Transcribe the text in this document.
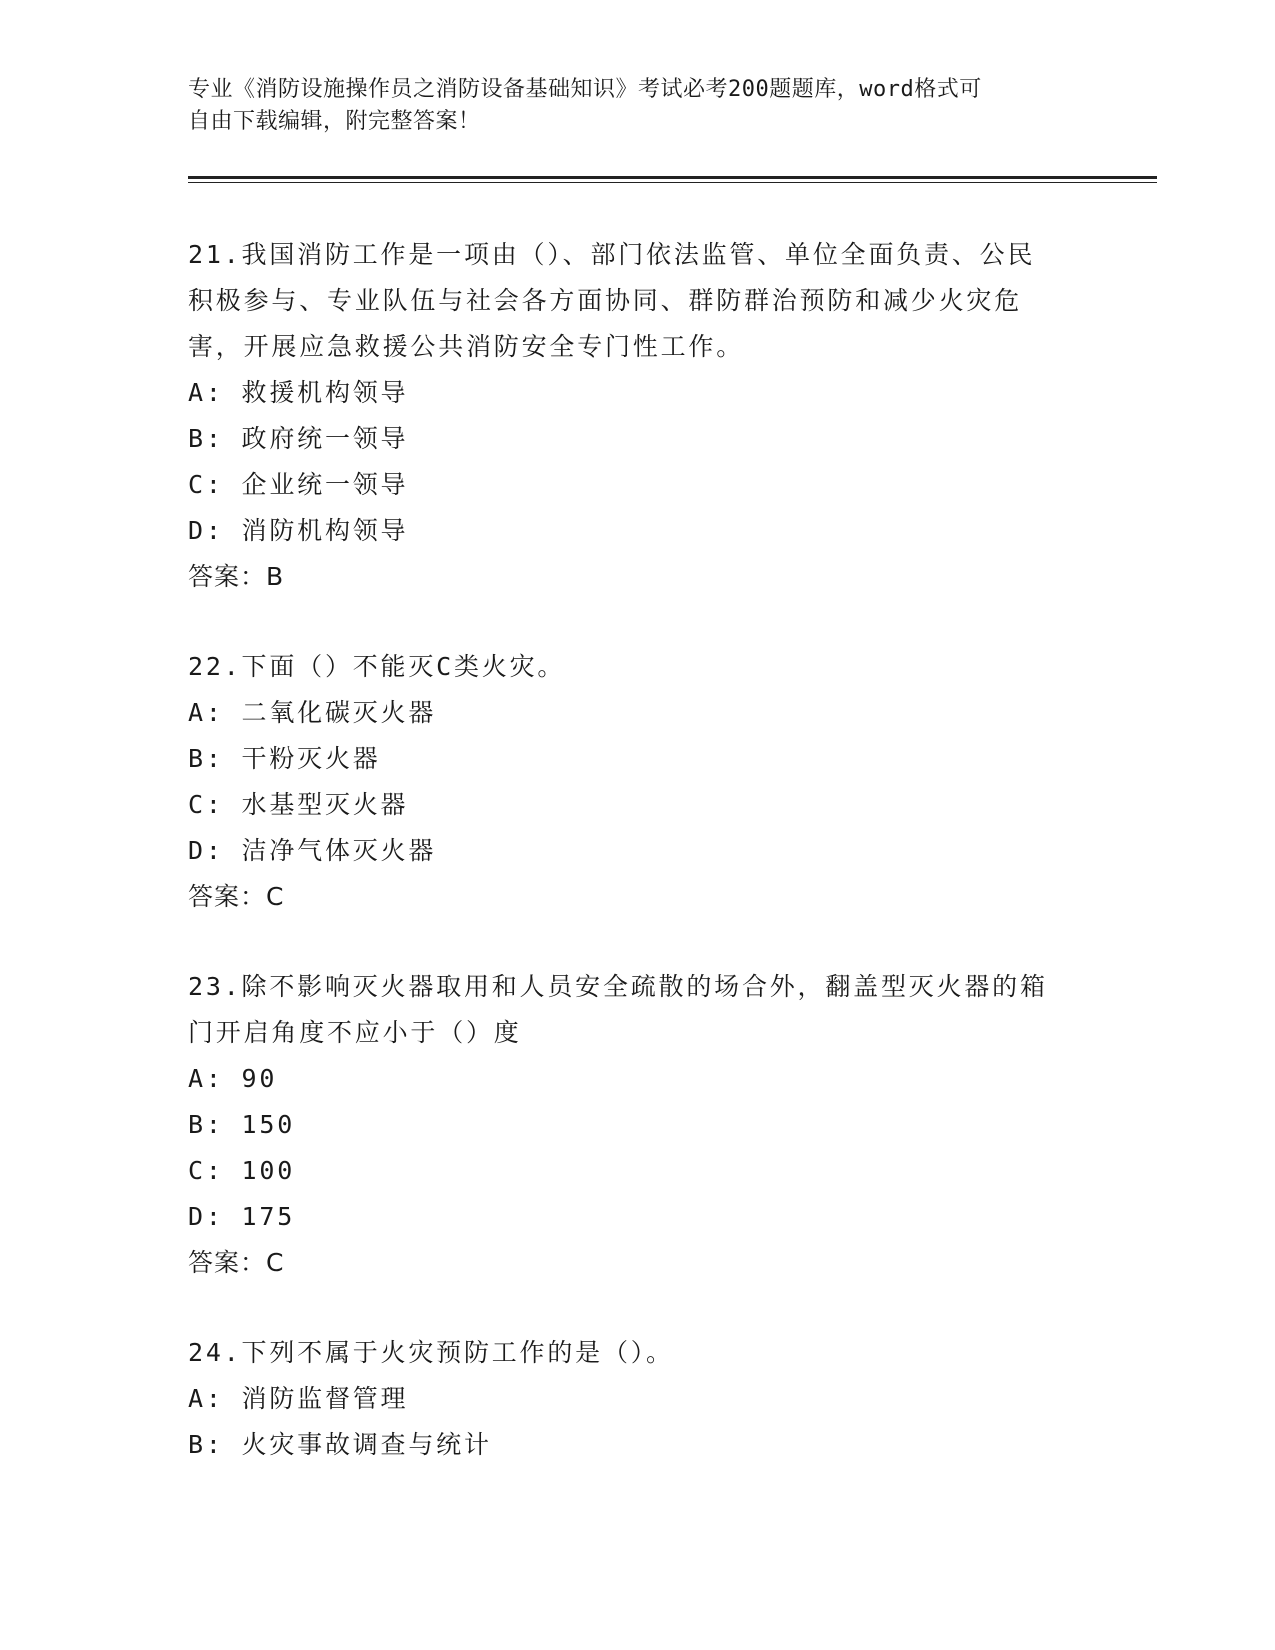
专业《消防设施操作员之消防设备基础知识》考试必考200题题库，word格式可
自由下载编辑，附完整答案！
21.我国消防工作是一项由（）、部门依法监管、单位全面负责、公民
积极参与、专业队伍与社会各方面协同、群防群治预防和减少火灾危
害，开展应急救援公共消防安全专门性工作。
A: 救援机构领导
B: 政府统一领导
C: 企业统一领导
D: 消防机构领导
答案：B
22.下面（）不能灭C类火灾。
A: 二氧化碳灭火器
B: 干粉灭火器
C: 水基型灭火器
D: 洁净气体灭火器
答案：C
23.除不影响灭火器取用和人员安全疏散的场合外，翻盖型灭火器的箱
门开启角度不应小于（）度
A: 90
B: 150
C: 100
D: 175
答案：C
24.下列不属于火灾预防工作的是（）。
A: 消防监督管理
B: 火灾事故调查与统计
